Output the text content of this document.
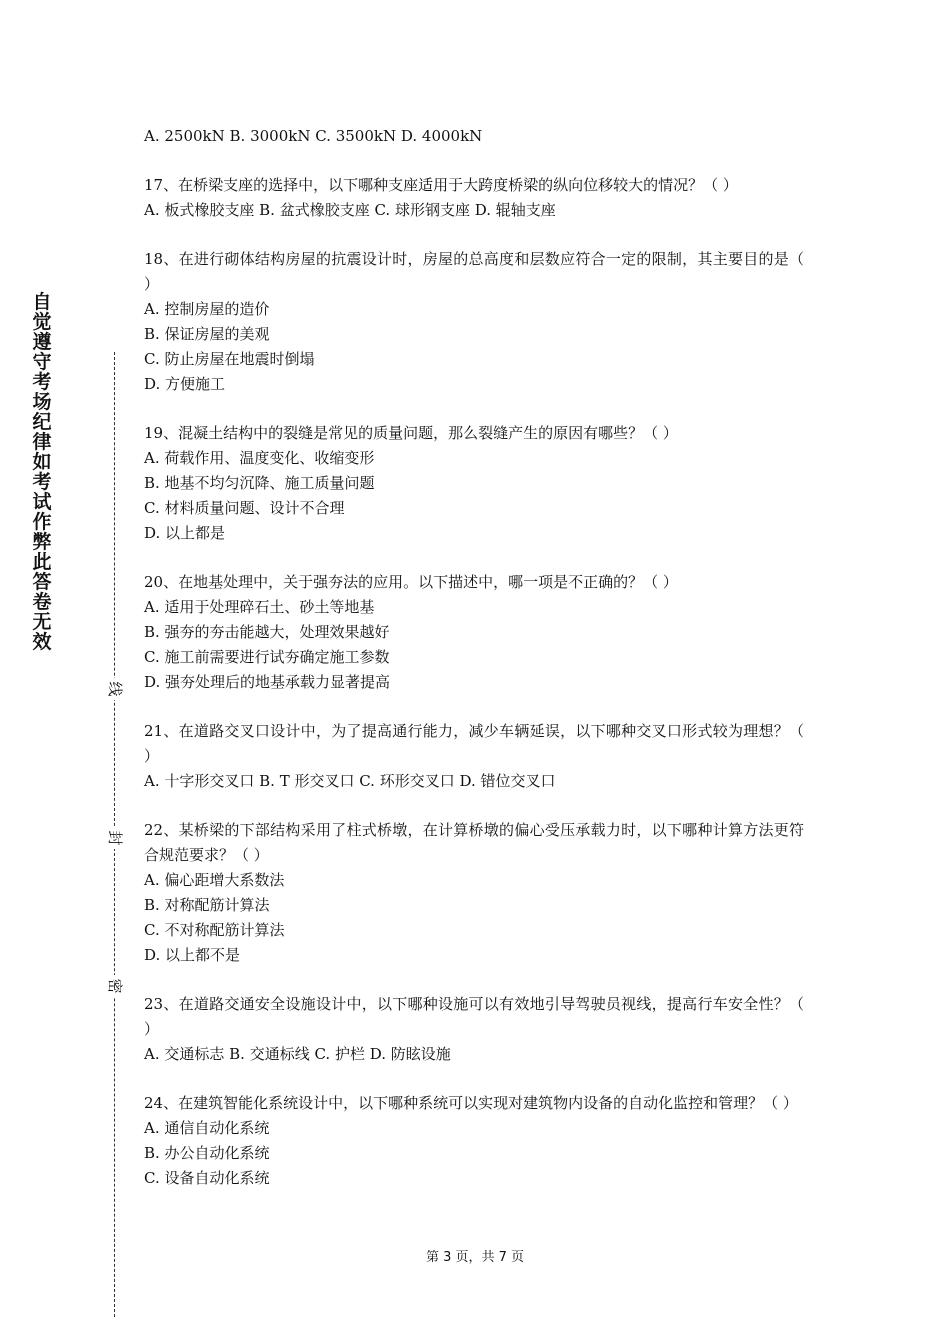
自觉遵守考场纪律如考试作弊此答卷无效
线
封
密
A. 2500kN B. 3000kN C. 3500kN D. 4000kN
17、在桥梁支座的选择中，以下哪种支座适用于大跨度桥梁的纵向位移较大的情况？（ ）
A. 板式橡胶支座 B. 盆式橡胶支座 C. 球形钢支座 D. 辊轴支座
18、在进行砌体结构房屋的抗震设计时，房屋的总高度和层数应符合一定的限制，其主要目的是（ ）
A. 控制房屋的造价
B. 保证房屋的美观
C. 防止房屋在地震时倒塌
D. 方便施工
19、混凝土结构中的裂缝是常见的质量问题，那么裂缝产生的原因有哪些？（ ）
A. 荷载作用、温度变化、收缩变形
B. 地基不均匀沉降、施工质量问题
C. 材料质量问题、设计不合理
D. 以上都是
20、在地基处理中，关于强夯法的应用。以下描述中，哪一项是不正确的？（ ）
A. 适用于处理碎石土、砂土等地基
B. 强夯的夯击能越大，处理效果越好
C. 施工前需要进行试夯确定施工参数
D. 强夯处理后的地基承载力显著提高
21、在道路交叉口设计中，为了提高通行能力，减少车辆延误，以下哪种交叉口形式较为理想？（ ）
A. 十字形交叉口 B. T 形交叉口 C. 环形交叉口 D. 错位交叉口
22、某桥梁的下部结构采用了柱式桥墩，在计算桥墩的偏心受压承载力时，以下哪种计算方法更符合规范要求？（ ）
A. 偏心距增大系数法
B. 对称配筋计算法
C. 不对称配筋计算法
D. 以上都不是
23、在道路交通安全设施设计中，以下哪种设施可以有效地引导驾驶员视线，提高行车安全性？（ ）
A. 交通标志 B. 交通标线 C. 护栏 D. 防眩设施
24、在建筑智能化系统设计中，以下哪种系统可以实现对建筑物内设备的自动化监控和管理？（ ）
A. 通信自动化系统
B. 办公自动化系统
C. 设备自动化系统
第 3 页，共 7 页
